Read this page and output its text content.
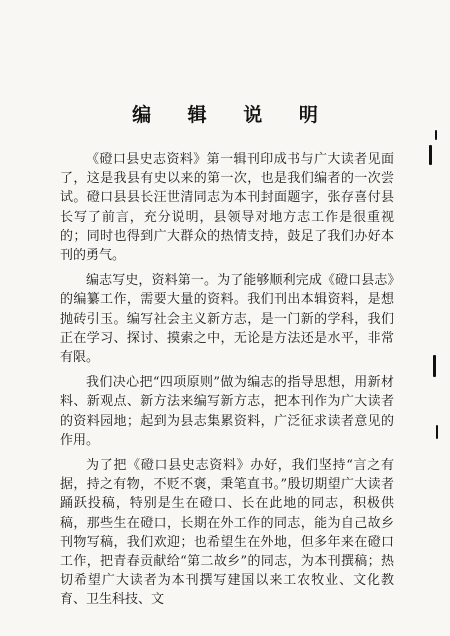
编 辑 说 明

《磴口县史志资料》第一辑刊印成书与广大读者见面了，这是我县有史以来的第一次，也是我们编者的一次尝试。磴口县县长汪世清同志为本刊封面题字，张存喜付县长写了前言，充分说明，县领导对地方志工作是很重视的；同时也得到广大群众的热情支持，鼓足了我们办好本刊的勇气。

编志写史，资料第一。为了能够顺利完成《磴口县志》的编纂工作，需要大量的资料。我们刊出本辑资料，是想抛砖引玉。编写社会主义新方志，是一门新的学科，我们正在学习、探讨、摸索之中，无论是方法还是水平，非常有限。

我们决心把“四项原则”做为编志的指导思想，用新材料、新观点、新方法来编写新方志，把本刊作为广大读者的资料园地；起到为县志集累资料，广泛征求读者意见的作用。

为了把《磴口县史志资料》办好，我们坚持“言之有据，持之有物，不贬不褒，秉笔直书。”殷切期望广大读者踊跃投稿，特别是生在磴口、长在此地的同志，积极供稿，那些生在磴口，长期在外工作的同志，能为自己故乡刊物写稿，我们欢迎；也希望生在外地，但多年来在磴口工作，把青春贡献给“第二故乡”的同志，为本刊撰稿；热切希望广大读者为本刊撰写建国以来工农牧业、文化教育、卫生科技、文
